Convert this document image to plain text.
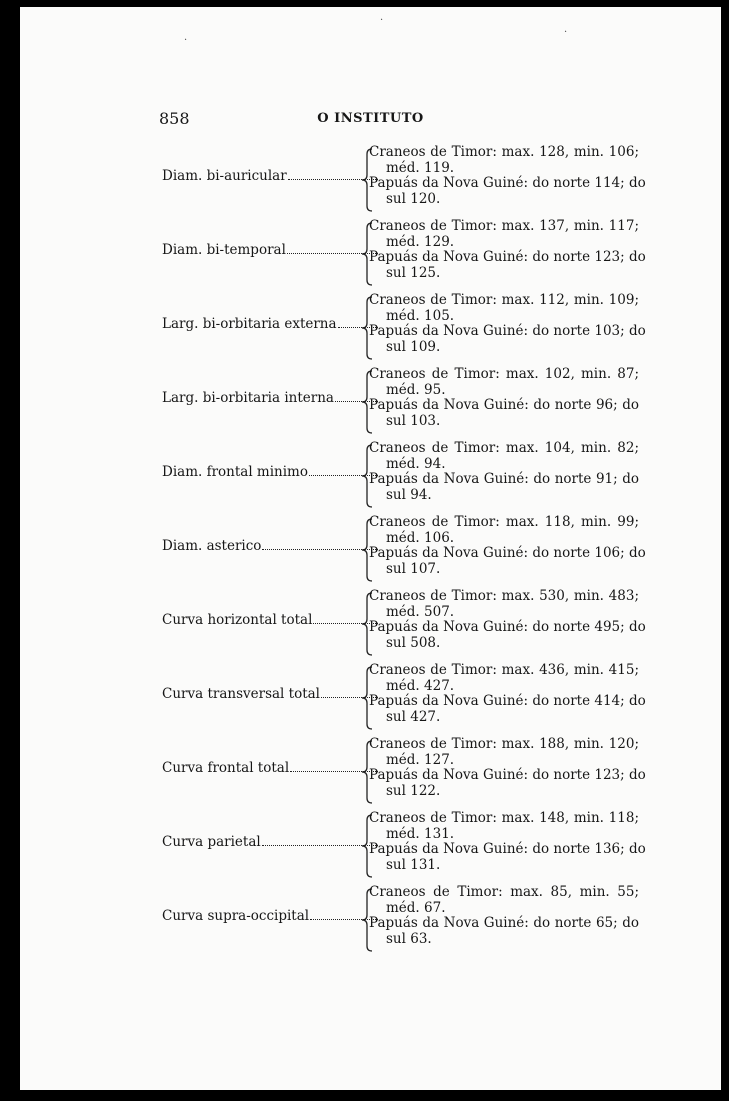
·
·
·
858	O INSTITUTO
Diam. bi-auricular
Craneos de Timor: max. 128, min. 106;
méd. 119.
Papuás da Nova Guiné: do norte 114; do
sul 120.
Diam. bi-temporal
Craneos de Timor: max. 137, min. 117;
méd. 129.
Papuás da Nova Guiné: do norte 123; do
sul 125.
Larg. bi-orbitaria externa
Craneos de Timor: max. 112, min. 109;
méd. 105.
Papuás da Nova Guiné: do norte 103; do
sul 109.
Larg. bi-orbitaria interna
Craneos de Timor: max. 102, min. 87;
méd. 95.
Papuás da Nova Guiné: do norte 96; do
sul 103.
Diam. frontal minimo
Craneos de Timor: max. 104, min. 82;
méd. 94.
Papuás da Nova Guiné: do norte 91; do
sul 94.
Diam. asterico
Craneos de Timor: max. 118, min. 99;
méd. 106.
Papuás da Nova Guiné: do norte 106; do
sul 107.
Curva horizontal total
Craneos de Timor: max. 530, min. 483;
méd. 507.
Papuás da Nova Guiné: do norte 495; do
sul 508.
Curva transversal total
Craneos de Timor: max. 436, min. 415;
méd. 427.
Papuás da Nova Guiné: do norte 414; do
sul 427.
Curva frontal total
Craneos de Timor: max. 188, min. 120;
méd. 127.
Papuás da Nova Guiné: do norte 123; do
sul 122.
Curva parietal
Craneos de Timor: max. 148, min. 118;
méd. 131.
Papuás da Nova Guiné: do norte 136; do
sul 131.
Curva supra-occipital
Craneos de Timor: max. 85, min. 55;
méd. 67.
Papuás da Nova Guiné: do norte 65; do
sul 63.
